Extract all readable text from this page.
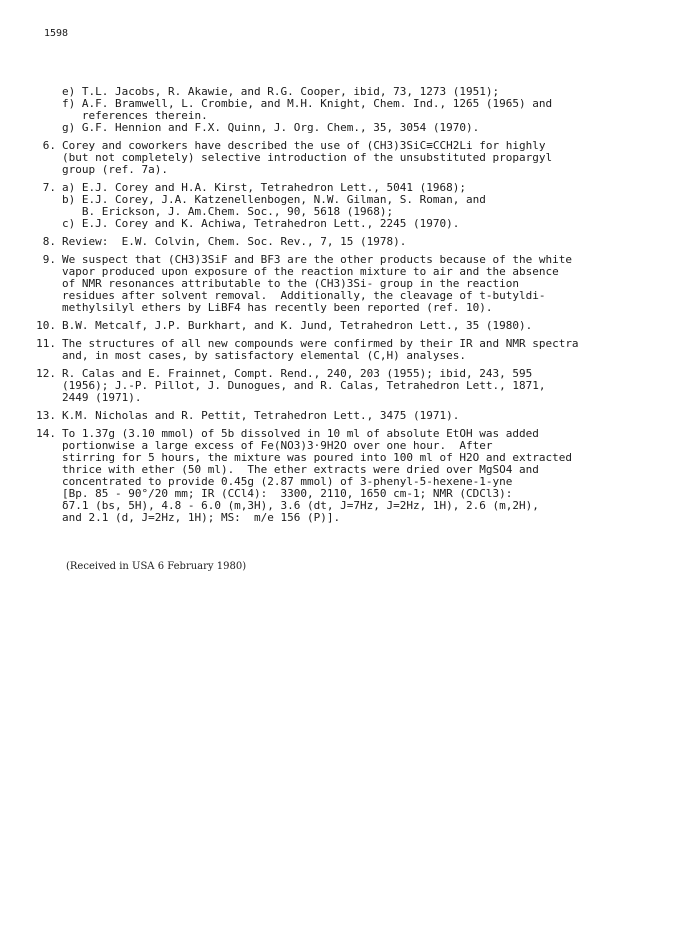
1598
e) T.L. Jacobs, R. Akawie, and R.G. Cooper, ibid, 73, 1273 (1951);
f) A.F. Bramwell, L. Crombie, and M.H. Knight, Chem. Ind., 1265 (1965) and
references therein.
g) G.F. Hennion and F.X. Quinn, J. Org. Chem., 35, 3054 (1970).
6. Corey and coworkers have described the use of (CH3)3SiC≡CCH2Li for highly
(but not completely) selective introduction of the unsubstituted propargyl
group (ref. 7a).
7. a) E.J. Corey and H.A. Kirst, Tetrahedron Lett., 5041 (1968);
b) E.J. Corey, J.A. Katzenellenbogen, N.W. Gilman, S. Roman, and
B. Erickson, J. Am.Chem. Soc., 90, 5618 (1968);
c) E.J. Corey and K. Achiwa, Tetrahedron Lett., 2245 (1970).
8. Review:  E.W. Colvin, Chem. Soc. Rev., 7, 15 (1978).
9. We suspect that (CH3)3SiF and BF3 are the other products because of the white
vapor produced upon exposure of the reaction mixture to air and the absence
of NMR resonances attributable to the (CH3)3Si- group in the reaction
residues after solvent removal.  Additionally, the cleavage of t-butyldi-
methylsilyl ethers by LiBF4 has recently been reported (ref. 10).
10. B.W. Metcalf, J.P. Burkhart, and K. Jund, Tetrahedron Lett., 35 (1980).
11. The structures of all new compounds were confirmed by their IR and NMR spectra
and, in most cases, by satisfactory elemental (C,H) analyses.
12. R. Calas and E. Frainnet, Compt. Rend., 240, 203 (1955); ibid, 243, 595
(1956); J.-P. Pillot, J. Dunogues, and R. Calas, Tetrahedron Lett., 1871,
2449 (1971).
13. K.M. Nicholas and R. Pettit, Tetrahedron Lett., 3475 (1971).
14. To 1.37g (3.10 mmol) of 5b dissolved in 10 ml of absolute EtOH was added
portionwise a large excess of Fe(NO3)3·9H2O over one hour.  After
stirring for 5 hours, the mixture was poured into 100 ml of H2O and extracted
thrice with ether (50 ml).  The ether extracts were dried over MgSO4 and
concentrated to provide 0.45g (2.87 mmol) of 3-phenyl-5-hexene-1-yne
[Bp. 85 - 90°/20 mm; IR (CCl4):  3300, 2110, 1650 cm-1; NMR (CDCl3):
δ7.1 (bs, 5H), 4.8 - 6.0 (m,3H), 3.6 (dt, J=7Hz, J=2Hz, 1H), 2.6 (m,2H),
and 2.1 (d, J=2Hz, 1H); MS:  m/e 156 (P)].
(Received in USA 6 February 1980)
